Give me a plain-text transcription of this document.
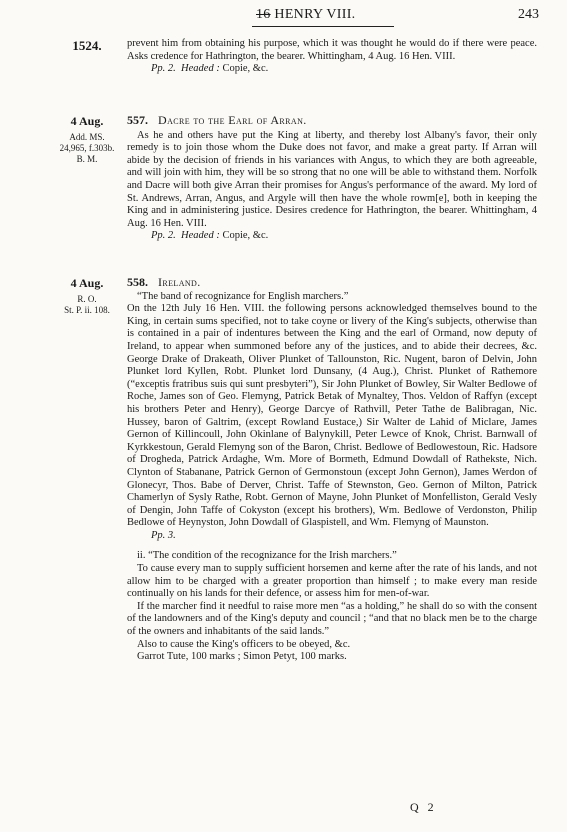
16 HENRY VIII.	243
1524.	prevent him from obtaining his purpose, which it was thought he would do if there were peace. Asks credence for Hathrington, the bearer. Whittingham, 4 Aug. 16 Hen. VIII.

Pp. 2. Headed : Copie, &c.

4 Aug.
Add. MS.
24,965, f.303b.
B. M.
557. Dacre to the Earl of Arran.

As he and others have put the King at liberty, and thereby lost Albany's favor, their only remedy is to join those whom the Duke does not favor, and make a great party. If Arran will abide by the decision of friends in his variances with Angus, to which they are both agreeable, and will join with him, they will be so strong that no one will be able to withstand them. Norfolk and Dacre will both give Arran their promises for Angus's performance of the award. My lord of St. Andrews, Arran, Angus, and Argyle will then have the whole rowm[e], both in keeping the King and in administering justice. Desires credence for Hathrington, the bearer. Whittingham, 4 Aug. 16 Hen. VIII.

Pp. 2. Headed : Copie, &c.

4 Aug.
R. O.
St. P. ii. 108.
558. Ireland.

“The band of recognizance for English marchers.”

On the 12th July 16 Hen. VIII. the following persons acknowledged themselves bound to the King, in certain sums specified, not to take coyne or livery of the King's subjects, otherwise than is contained in a pair of indentures between the King and the earl of Ormand, now deputy of Ireland, to appear when summoned before any of the justices, and to abide their decrees, &c. George Drake of Drakeath, Oliver Plunket of Tallounston, Ric. Nugent, baron of Delvin, John Plunket lord Kyllen, Robt. Plunket lord Dunsany, (4 Aug.), Christ. Plunket of Rathemore (“exceptis fratribus suis qui sunt presbyteri”), Sir John Plunket of Bowley, Sir Walter Bedlowe of Roche, James son of Geo. Flemyng, Patrick Betak of Mynaltey, Thos. Veldon of Raffyn (except his brothers Peter and Henry), George Darcye of Rathvill, Peter Tathe de Balibragan, Nic. Hussey, baron of Galtrim, (except Rowland Eustace,) Sir Walter de Lahid of Miclare, James Gernon of Killincoull, John Okinlane of Balynykill, Peter Lewce of Knok, Christ. Barnwall of Kyrkkestoun, Gerald Flemyng son of the Baron, Christ. Bedlowe of Bedlowestoun, Ric. Hadsore of Drogheda, Patrick Ardaghe, Wm. More of Bormeth, Edmund Dowdall of Rathekste, Nich. Clynton of Stabanane, Patrick Gernon of Germonstoun (except John Gernon), James Werdon of Glonecyr, Thos. Babe of Derver, Christ. Taffe of Stewnston, Geo. Gernon of Milton, Patrick Chamerlyn of Sysly Rathe, Robt. Gernon of Mayne, John Plunket of Monfelliston, Gerald Vesly of Dengin, John Taffe of Cokyston (except his brothers), Wm. Bedlowe of Verdonston, Philip Bedlowe of Heynyston, John Dowdall of Glaspistell, and Wm. Flemyng of Maunston.

Pp. 3.

ii. “The condition of the recognizance for the Irish marchers.”

To cause every man to supply sufficient horsemen and kerne after the rate of his lands, and not allow him to be charged with a greater proportion than himself ; to make every man reside continually on his lands for their defence, or assess him for men-of-war.

If the marcher find it needful to raise more men “as a holding,” he shall do so with the consent of the landowners and of the King's deputy and council ; “and that no black men be to the charge of the owners and inhabitants of the said lands.”

Also to cause the King's officers to be obeyed, &c.

Garrot Tute, 100 marks ; Simon Petyt, 100 marks.

Q 2
